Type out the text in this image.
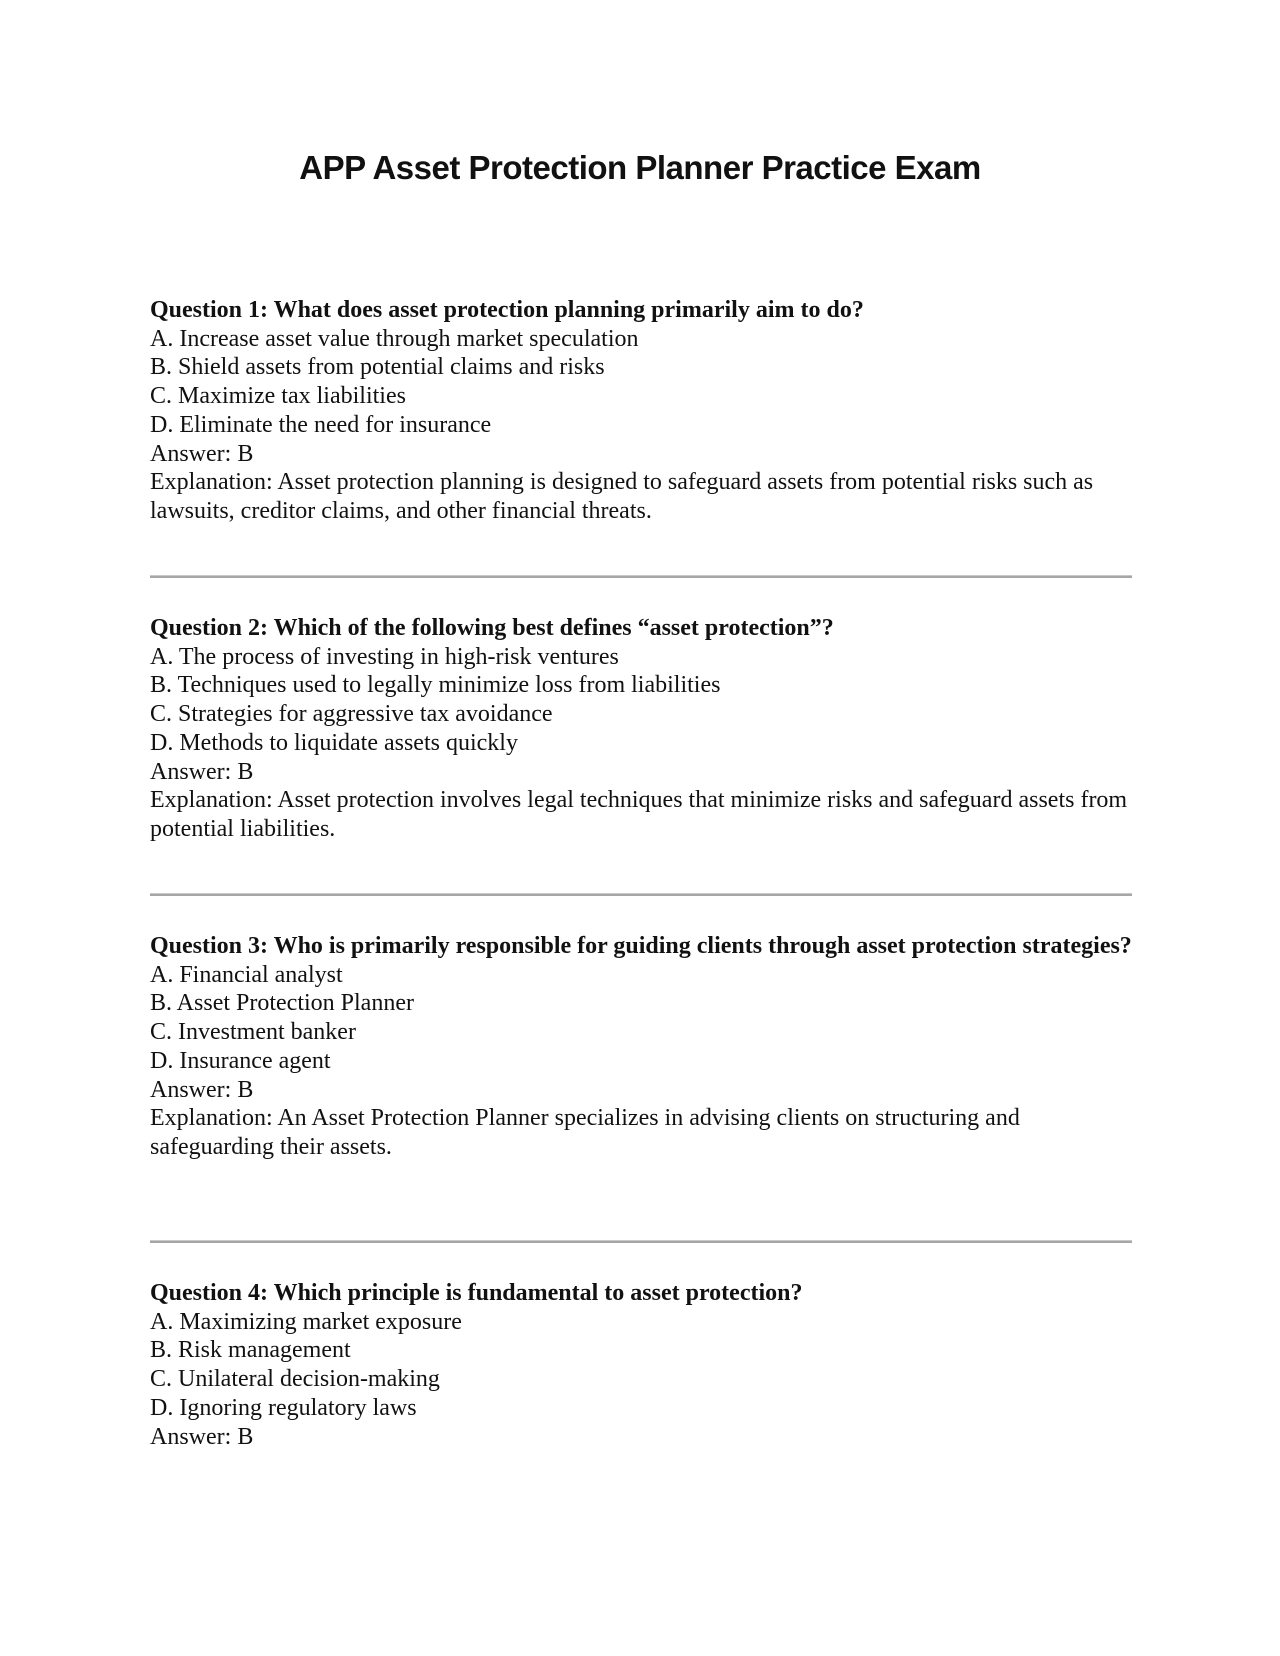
APP Asset Protection Planner Practice Exam

Question 1: What does asset protection planning primarily aim to do?

A. Increase asset value through market speculation

B. Shield assets from potential claims and risks

C. Maximize tax liabilities

D. Eliminate the need for insurance

Answer: B

Explanation: Asset protection planning is designed to safeguard assets from potential risks such as lawsuits, creditor claims, and other financial threats.

Question 2: Which of the following best defines “asset protection”?

A. The process of investing in high-risk ventures

B. Techniques used to legally minimize loss from liabilities

C. Strategies for aggressive tax avoidance

D. Methods to liquidate assets quickly

Answer: B

Explanation: Asset protection involves legal techniques that minimize risks and safeguard assets from potential liabilities.

Question 3: Who is primarily responsible for guiding clients through asset protection strategies?

A. Financial analyst

B. Asset Protection Planner

C. Investment banker

D. Insurance agent

Answer: B

Explanation: An Asset Protection Planner specializes in advising clients on structuring and safeguarding their assets.

Question 4: Which principle is fundamental to asset protection?

A. Maximizing market exposure

B. Risk management

C. Unilateral decision-making

D. Ignoring regulatory laws

Answer: B
